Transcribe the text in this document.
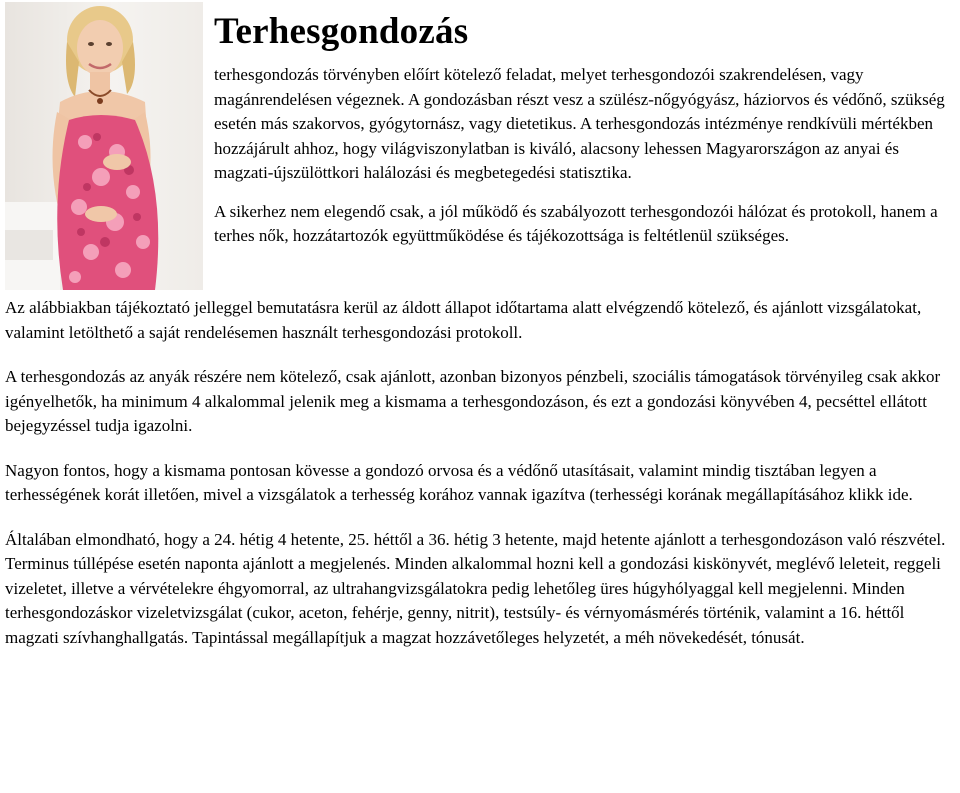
Terhesgondozás

terhesgondozás törvényben előírt kötelező feladat, melyet terhesgondozói szakrendelésen, vagy magánrendelésen végeznek. A gondozásban részt vesz a szülész-nőgyógyász, háziorvos és védőnő, szükség esetén más szakorvos, gyógytornász, vagy dietetikus. A terhesgondozás intézménye rendkívüli mértékben hozzájárult ahhoz, hogy világviszonylatban is kiváló, alacsony lehessen Magyarországon az anyai és magzati-újszülöttkori halálozási és megbetegedési statisztika.

A sikerhez nem elegendő csak, a jól működő és szabályozott terhesgondozói hálózat és protokoll, hanem a terhes nők, hozzátartozók együttműködése és tájékozottsága is feltétlenül szükséges.

Az alábbiakban tájékoztató jelleggel bemutatásra kerül az áldott állapot időtartama alatt elvégzendő kötelező, és ajánlott vizsgálatokat, valamint letölthető a saját rendelésemen használt terhesgondozási protokoll.

A terhesgondozás az anyák részére nem kötelező, csak ajánlott, azonban bizonyos pénzbeli, szociális támogatások törvényileg csak akkor igényelhetők, ha minimum 4 alkalommal jelenik meg a kismama a terhesgondozáson, és ezt a gondozási könyvében 4, pecséttel ellátott bejegyzéssel tudja igazolni.

Nagyon fontos, hogy a kismama pontosan kövesse a gondozó orvosa és a védőnő utasításait, valamint mindig tisztában legyen a terhességének korát illetően, mivel a vizsgálatok a terhesség korához vannak igazítva (terhességi korának megállapításához klikk ide.

Általában elmondható, hogy a 24. hétig 4 hetente, 25. héttől a 36. hétig 3 hetente, majd hetente ajánlott a terhesgondozáson való részvétel. Terminus túllépése esetén naponta ajánlott a megjelenés. Minden alkalommal hozni kell a gondozási kiskönyvét, meglévő leleteit, reggeli vizeletet, illetve a vérvételekre éhgyomorral, az ultrahangvizsgálatokra pedig lehetőleg üres húgyhólyaggal kell megjelenni. Minden terhesgondozáskor vizeletvizsgálat (cukor, aceton, fehérje, genny, nitrit), testsúly- és vérnyomásmérés történik, valamint a 16. héttől magzati szívhanghallgatás. Tapintással megállapítjuk a magzat hozzávetőleges helyzetét, a méh növekedését, tónusát.
